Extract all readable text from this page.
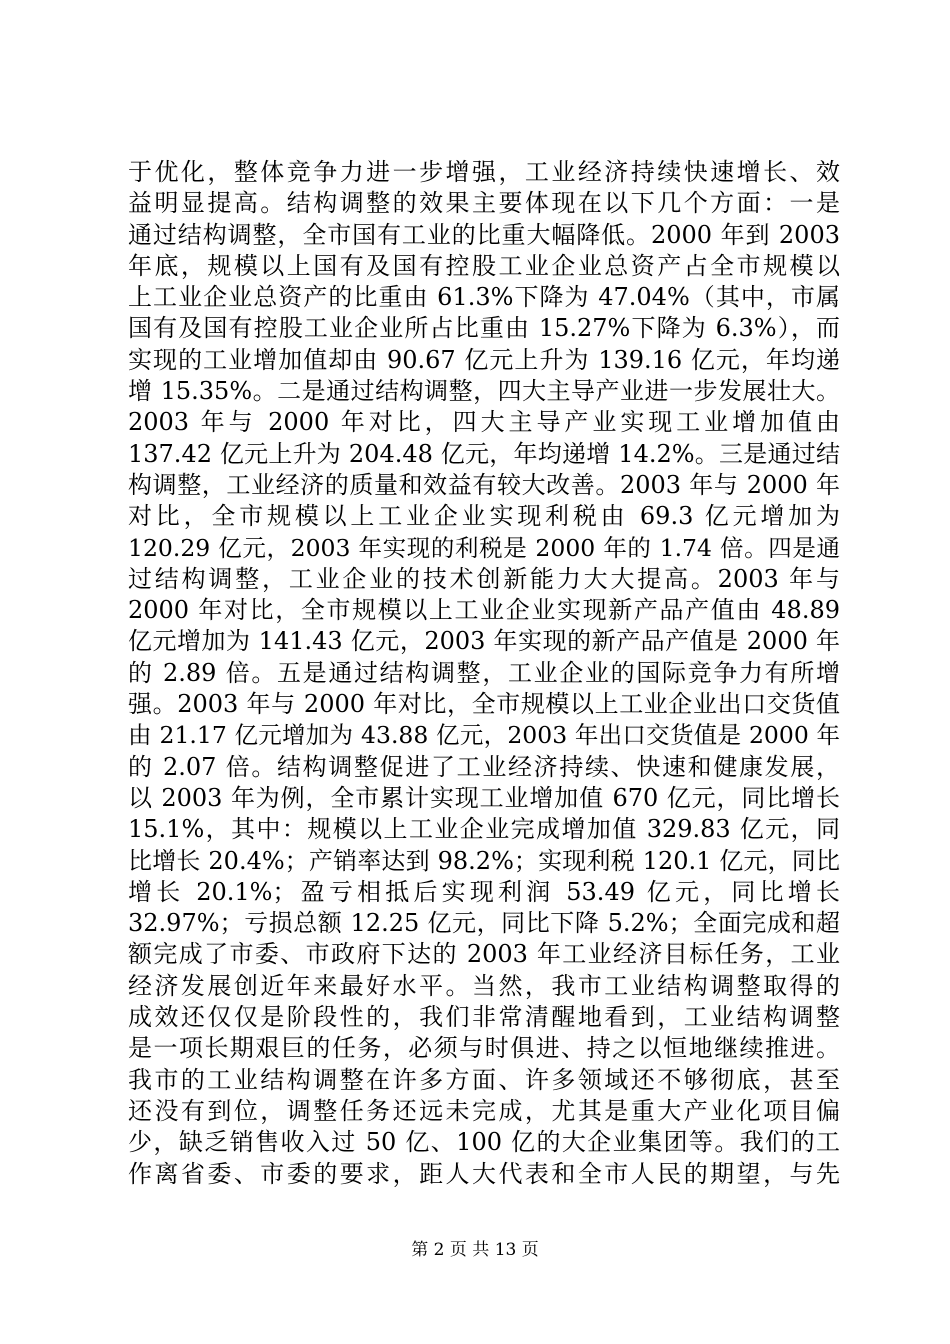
于优化，整体竞争力进一步增强，工业经济持续快速增长、效
益明显提高。结构调整的效果主要体现在以下几个方面：一是
通过结构调整，全市国有工业的比重大幅降低。2000 年到 2003
年底，规模以上国有及国有控股工业企业总资产占全市规模以
上工业企业总资产的比重由 61.3%下降为 47.04%（其中，市属
国有及国有控股工业企业所占比重由 15.27%下降为 6.3%），而
实现的工业增加值却由 90.67 亿元上升为 139.16 亿元，年均递
增 15.35%。二是通过结构调整，四大主导产业进一步发展壮大。
2003 年与 2000 年对比，四大主导产业实现工业增加值由
137.42 亿元上升为 204.48 亿元，年均递增 14.2%。三是通过结
构调整，工业经济的质量和效益有较大改善。2003 年与 2000 年
对比，全市规模以上工业企业实现利税由 69.3 亿元增加为
120.29 亿元，2003 年实现的利税是 2000 年的 1.74 倍。四是通
过结构调整，工业企业的技术创新能力大大提高。2003 年与
2000 年对比，全市规模以上工业企业实现新产品产值由 48.89
亿元增加为 141.43 亿元，2003 年实现的新产品产值是 2000 年
的 2.89 倍。五是通过结构调整，工业企业的国际竞争力有所增
强。2003 年与 2000 年对比，全市规模以上工业企业出口交货值
由 21.17 亿元增加为 43.88 亿元，2003 年出口交货值是 2000 年
的 2.07 倍。结构调整促进了工业经济持续、快速和健康发展，
以 2003 年为例，全市累计实现工业增加值 670 亿元，同比增长
15.1%，其中：规模以上工业企业完成增加值 329.83 亿元，同
比增长 20.4%；产销率达到 98.2%；实现利税 120.1 亿元，同比
增长 20.1%；盈亏相抵后实现利润 53.49 亿元，同比增长
32.97%；亏损总额 12.25 亿元，同比下降 5.2%；全面完成和超
额完成了市委、市政府下达的 2003 年工业经济目标任务，工业
经济发展创近年来最好水平。当然，我市工业结构调整取得的
成效还仅仅是阶段性的，我们非常清醒地看到，工业结构调整
是一项长期艰巨的任务，必须与时俱进、持之以恒地继续推进。
我市的工业结构调整在许多方面、许多领域还不够彻底，甚至
还没有到位，调整任务还远未完成，尤其是重大产业化项目偏
少，缺乏销售收入过 50 亿、100 亿的大企业集团等。我们的工
作离省委、市委的要求，距人大代表和全市人民的期望，与先
第 2 页 共 13 页
